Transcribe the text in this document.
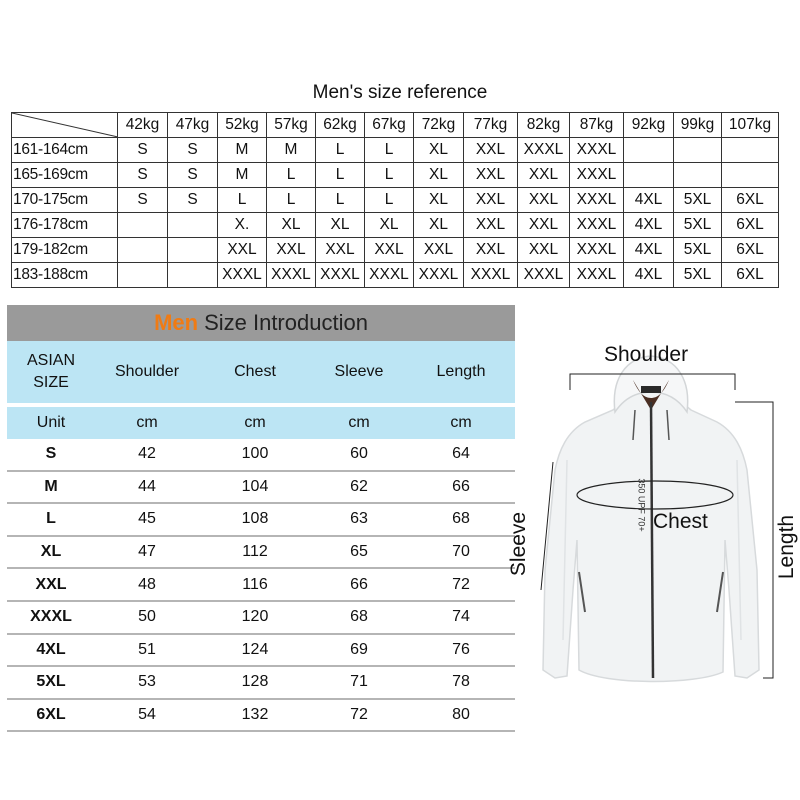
Men's size reference
	42kg	47kg	52kg	57kg	62kg	67kg	72kg	77kg	82kg	87kg	92kg	99kg	107kg
161-164cm	S	S	M	M	L	L	XL	XXL	XXXL	XXXL			
165-169cm	S	S	M	L	L	L	XL	XXL	XXL	XXXL			
170-175cm	S	S	L	L	L	L	XL	XXL	XXL	XXXL	4XL	5XL	6XL
176-178cm			X.	XL	XL	XL	XL	XXL	XXL	XXXL	4XL	5XL	6XL
179-182cm			XXL	XXL	XXL	XXL	XXL	XXL	XXL	XXXL	4XL	5XL	6XL
183-188cm			XXXL	XXXL	XXXL	XXXL	XXXL	XXXL	XXXL	XXXL	4XL	5XL	6XL
Men Size Introduction
ASIAN SIZE	Shoulder	Chest	Sleeve	Length
Unit	cm	cm	cm	cm
S	42	100	60	64
M	44	104	62	66
L	45	108	63	68
XL	47	112	65	70
XXL	48	116	66	72
XXXL	50	120	68	74
4XL	51	124	69	76
5XL	53	128	71	78
6XL	54	132	72	80
Shoulder
Chest
Sleeve	Length
350 UPF 70+
